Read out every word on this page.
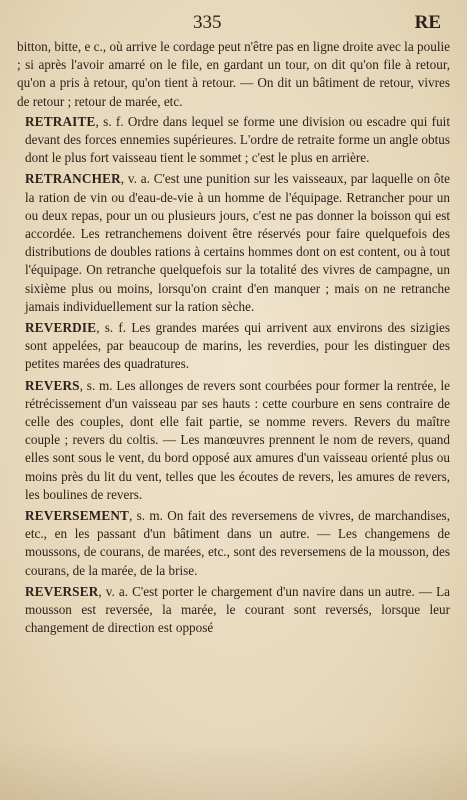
335	RE

bitton, bitte, e c., où arrive le cordage peut n'être pas en ligne droite avec la poulie ; si après l'avoir amarré on le file, en gardant un tour, on dit qu'on file à retour, qu'on a pris à retour, qu'on tient à retour. — On dit un bâtiment de retour, vivres de retour ; retour de marée, etc.

RETRAITE, s. f. Ordre dans lequel se forme une division ou escadre qui fuit devant des forces ennemies supérieures. L'ordre de retraite forme un angle obtus dont le plus fort vaisseau tient le sommet ; c'est le plus en arrière.

RETRANCHER, v. a. C'est une punition sur les vaisseaux, par laquelle on ôte la ration de vin ou d'eau-de-vie à un homme de l'équipage. Retrancher pour un ou deux repas, pour un ou plusieurs jours, c'est ne pas donner la boisson qui est accordée. Les retranchemens doivent être réservés pour faire quelquefois des distributions de doubles rations à certains hommes dont on est content, ou à tout l'équipage. On retranche quelquefois sur la totalité des vivres de campagne, un sixième plus ou moins, lorsqu'on craint d'en manquer ; mais on ne retranche jamais individuellement sur la ration sèche.

REVERDIE, s. f. Les grandes marées qui arrivent aux environs des sizigies sont appelées, par beaucoup de marins, les reverdies, pour les distinguer des petites marées des quadratures.

REVERS, s. m. Les allonges de revers sont courbées pour former la rentrée, le rétrécissement d'un vaisseau par ses hauts : cette courbure en sens contraire de celle des couples, dont elle fait partie, se nomme revers. Revers du maître couple ; revers du coltis. — Les manœuvres prennent le nom de revers, quand elles sont sous le vent, du bord opposé aux amures d'un vaisseau orienté plus ou moins près du lit du vent, telles que les écoutes de revers, les amures de revers, les boulines de revers.

REVERSEMENT, s. m. On fait des reversemens de vivres, de marchandises, etc., en les passant d'un bâtiment dans un autre. — Les changemens de moussons, de courans, de marées, etc., sont des reversemens de la mousson, des courans, de la marée, de la brise.

REVERSER, v. a. C'est porter le chargement d'un navire dans un autre. — La mousson est reversée, la marée, le courant sont reversés, lorsque leur changement de direction est opposé
